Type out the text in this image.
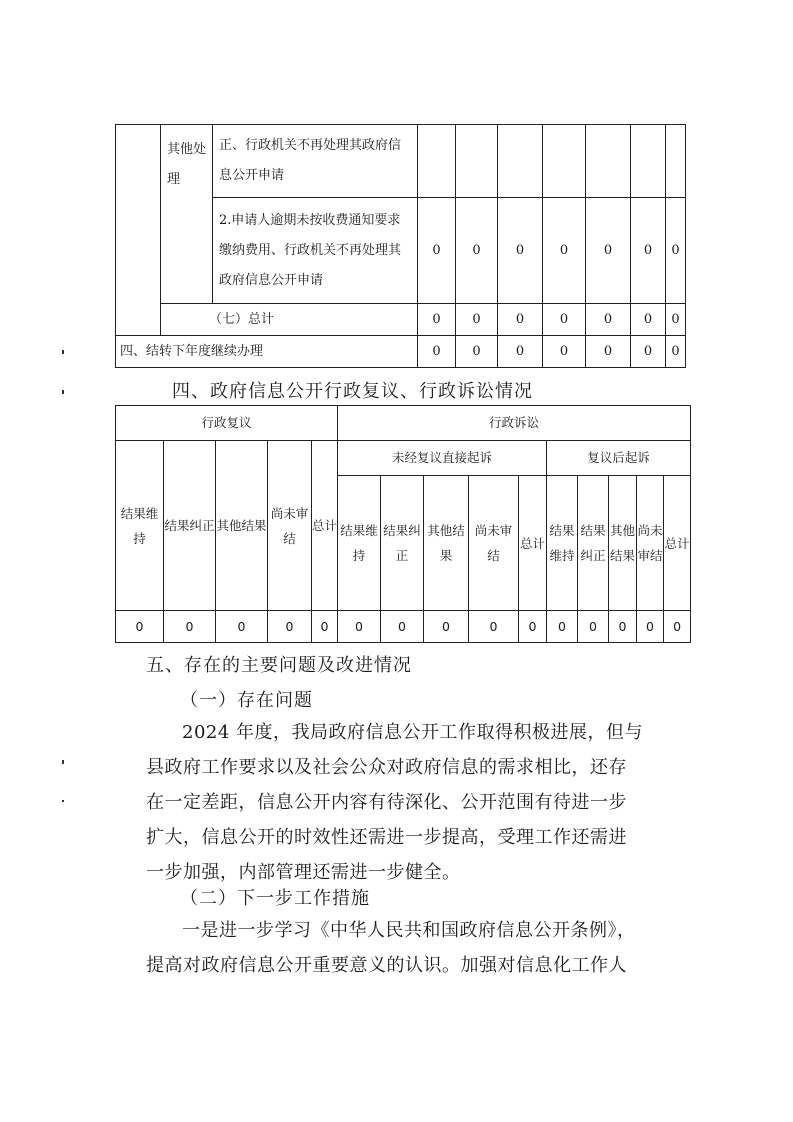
	其他处理	正、行政机关不再处理其政府信息公开申请							
		2.申请人逾期未按收费通知要求缴纳费用、行政机关不再处理其政府信息公开申请	0	0	0	0	0	0	0
	（七）总计		0	0	0	0	0	0	0
四、结转下年度继续办理			0	0	0	0	0	0	0
四、政府信息公开行政复议、行政诉讼情况
行政复议					行政诉讼									
结果维持	结果纠正	其他结果	尚未审结	总计	未经复议直接起诉					复议后起诉				
					结果维持	结果纠正	其他结果	尚未审结	总计	结果维持	结果纠正	其他结果	尚未审结	总计
0	0	0	0	0	0	0	0	0	0	0	0	0	0	0
五、存在的主要问题及改进情况

（一）存在问题

2024 年度，我局政府信息公开工作取得积极进展，但与
县政府工作要求以及社会公众对政府信息的需求相比，还存
在一定差距，信息公开内容有待深化、公开范围有待进一步
扩大，信息公开的时效性还需进一步提高，受理工作还需进
一步加强，内部管理还需进一步健全。

（二）下一步工作措施

一是进一步学习《中华人民共和国政府信息公开条例》，
提高对政府信息公开重要意义的认识。加强对信息化工作人
